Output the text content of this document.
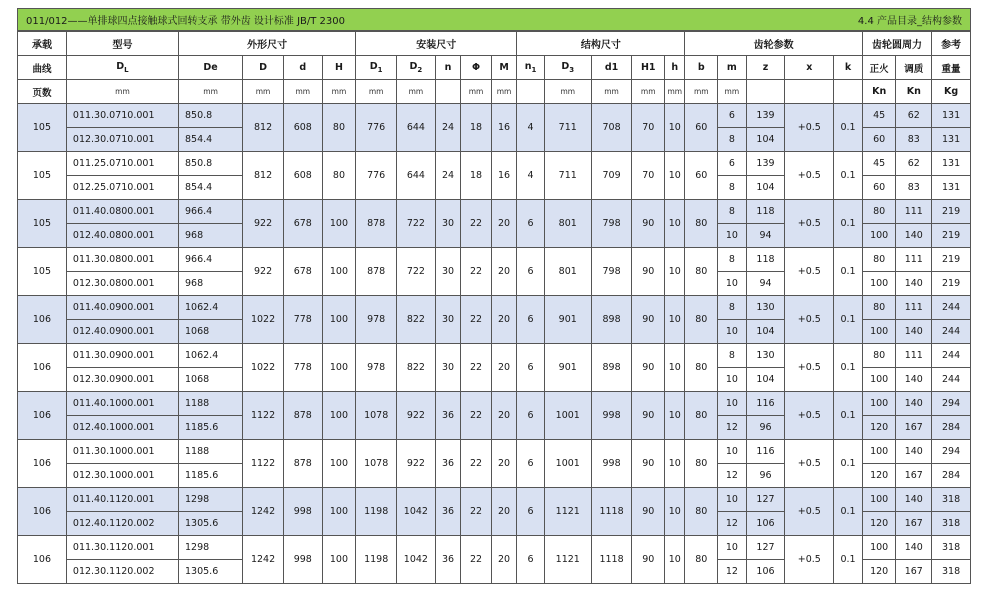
011/012——单排球四点接触球式回转支承 带外齿 设计标准 JB/T 2300	4.4 产品目录_结构参数
承载	型号	外形尺寸				安装尺寸					结构尺寸					齿轮参数					齿轮圆周力		参考
曲线	$D_L$	De	D	d	H	$D_1$	$D_2$	n	Φ	M	$n_1$	$D_3$	d1	H1	h	b	m	z	x	k	正火	调质	重量
页数	mm	mm	mm	mm	mm	mm	mm		mm	mm		mm	mm	mm	mm	mm	mm				Kn	Kn	Kg
105	011.30.0710.001	850.8	812	608	80	776	644	24	18	16	4	711	708	70	10	60	6	139	+0.5	0.1	45	62	131
	012.30.0710.001	854.4															8	104			60	83	131
105	011.25.0710.001	850.8	812	608	80	776	644	24	18	16	4	711	709	70	10	60	6	139	+0.5	0.1	45	62	131
	012.25.0710.001	854.4															8	104			60	83	131
105	011.40.0800.001	966.4	922	678	100	878	722	30	22	20	6	801	798	90	10	80	8	118	+0.5	0.1	80	111	219
	012.40.0800.001	968															10	94			100	140	219
105	011.30.0800.001	966.4	922	678	100	878	722	30	22	20	6	801	798	90	10	80	8	118	+0.5	0.1	80	111	219
	012.30.0800.001	968															10	94			100	140	219
106	011.40.0900.001	1062.4	1022	778	100	978	822	30	22	20	6	901	898	90	10	80	8	130	+0.5	0.1	80	111	244
	012.40.0900.001	1068															10	104			100	140	244
106	011.30.0900.001	1062.4	1022	778	100	978	822	30	22	20	6	901	898	90	10	80	8	130	+0.5	0.1	80	111	244
	012.30.0900.001	1068															10	104			100	140	244
106	011.40.1000.001	1188	1122	878	100	1078	922	36	22	20	6	1001	998	90	10	80	10	116	+0.5	0.1	100	140	294
	012.40.1000.001	1185.6															12	96			120	167	284
106	011.30.1000.001	1188	1122	878	100	1078	922	36	22	20	6	1001	998	90	10	80	10	116	+0.5	0.1	100	140	294
	012.30.1000.001	1185.6															12	96			120	167	284
106	011.40.1120.001	1298	1242	998	100	1198	1042	36	22	20	6	1121	1118	90	10	80	10	127	+0.5	0.1	100	140	318
	012.40.1120.002	1305.6															12	106			120	167	318
106	011.30.1120.001	1298	1242	998	100	1198	1042	36	22	20	6	1121	1118	90	10	80	10	127	+0.5	0.1	100	140	318
	012.30.1120.002	1305.6															12	106			120	167	318
